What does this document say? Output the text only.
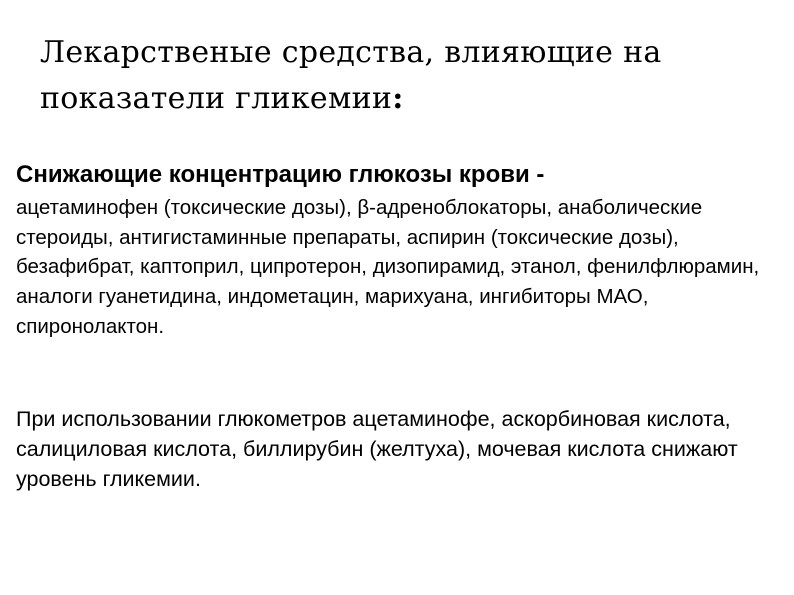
Лекарственые средства, влияющие на показатели гликемии:
Снижающие концентрацию глюкозы крови -
ацетаминофен (токсические дозы), β-адреноблокаторы, анаболические стероиды, антигистаминные препараты, аспирин (токсические дозы), безафибрат, каптоприл, ципротерон, дизопирамид, этанол, фенилфлюрамин, аналоги гуанетидина, индометацин, марихуана, ингибиторы МАО, спиронолактон.
При использовании глюкометров ацетаминофе, аскорбиновая кислота, салициловая кислота, биллирубин (желтуха), мочевая кислота снижают уровень гликемии.
